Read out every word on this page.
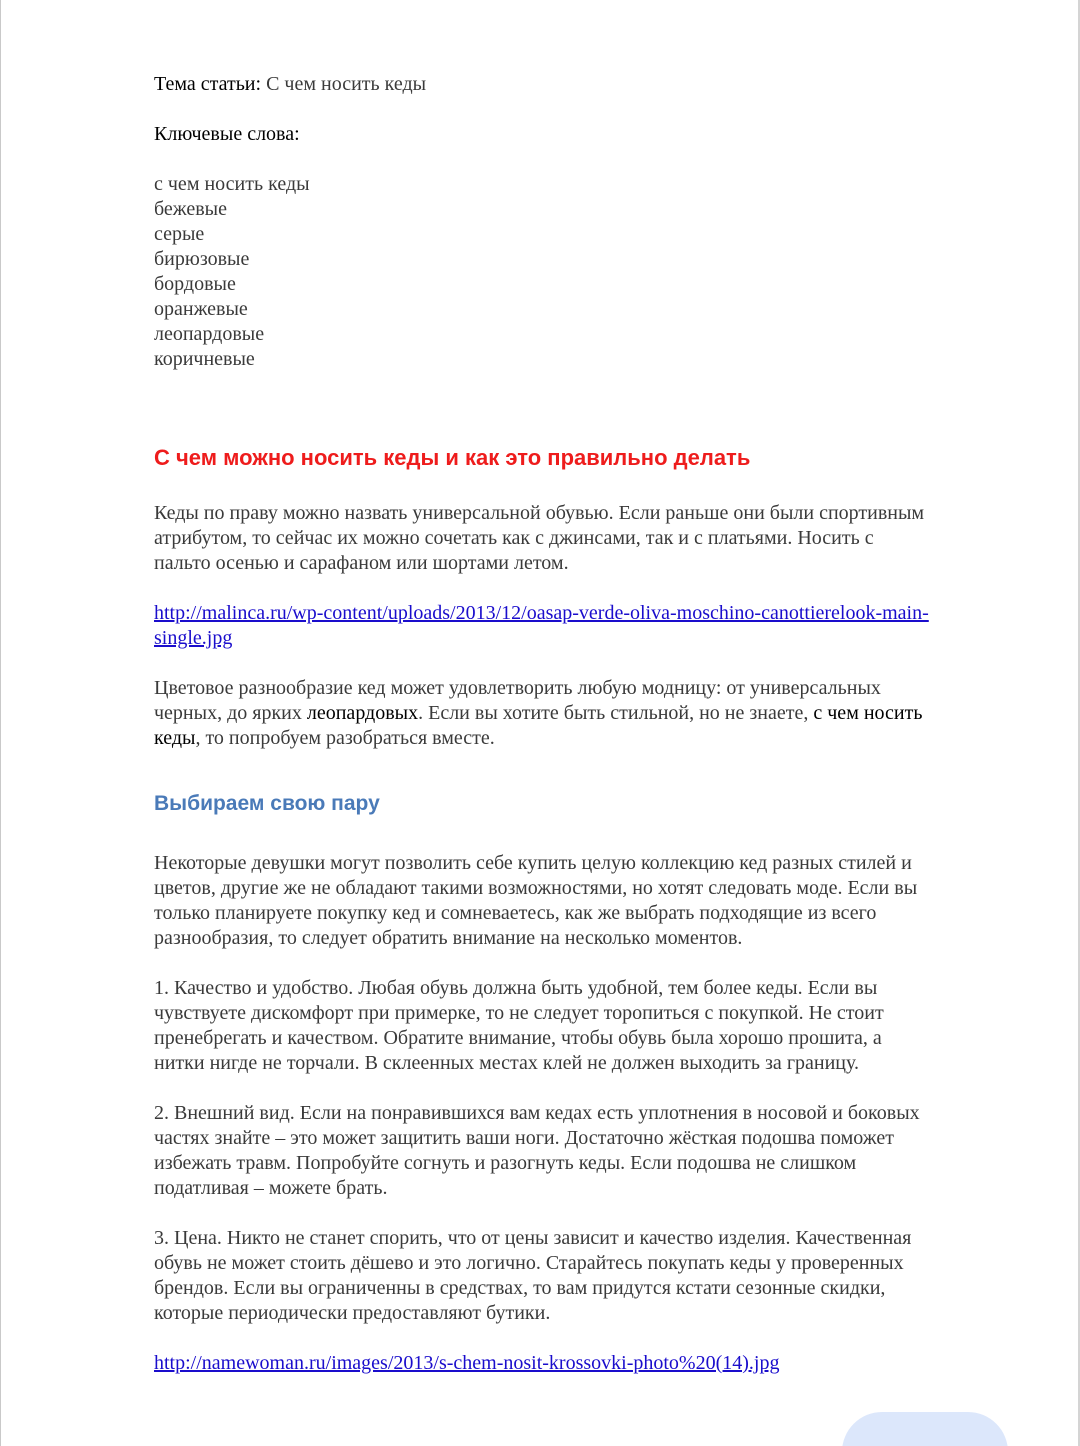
Тема статьи: С чем носить кеды

Ключевые слова:

с чем носить кеды
бежевые
серые
бирюзовые
бордовые
оранжевые
леопардовые
коричневые
С чем можно носить кеды и как это правильно делать
Кеды по праву можно назвать универсальной обувью. Если раньше они были спортивным
атрибутом, то сейчас их можно сочетать как с джинсами, так и с платьями. Носить с
пальто осенью и сарафаном или шортами летом.
http://malinca.ru/wp-content/uploads/2013/12/oasap-verde-oliva-moschino-canottierelook-main-
single.jpg
Цветовое разнообразие кед может удовлетворить любую модницу: от универсальных
черных, до ярких леопардовых. Если вы хотите быть стильной, но не знаете, с чем носить
кеды, то попробуем разобраться вместе.
Выбираем свою пару
Некоторые девушки могут позволить себе купить целую коллекцию кед разных стилей и
цветов, другие же не обладают такими возможностями, но хотят следовать моде. Если вы
только планируете покупку кед и сомневаетесь, как же выбрать подходящие из всего
разнообразия, то следует обратить внимание на несколько моментов.
1. Качество и удобство. Любая обувь должна быть удобной, тем более кеды. Если вы
чувствуете дискомфорт при примерке, то не следует торопиться с покупкой. Не стоит
пренебрегать и качеством. Обратите внимание, чтобы обувь была хорошо прошита, а
нитки нигде не торчали. В склеенных местах клей не должен выходить за границу.
2. Внешний вид. Если на понравившихся вам кедах есть уплотнения в носовой и боковых
частях знайте – это может защитить ваши ноги. Достаточно жёсткая подошва поможет
избежать травм. Попробуйте согнуть и разогнуть кеды. Если подошва не слишком
податливая – можете брать.
3. Цена. Никто не станет спорить, что от цены зависит и качество изделия. Качественная
обувь не может стоить дёшево и это логично. Старайтесь покупать кеды у проверенных
брендов. Если вы ограниченны в средствах, то вам придутся кстати сезонные скидки,
которые периодически предоставляют бутики.
http://namewoman.ru/images/2013/s-chem-nosit-krossovki-photo%20(14).jpg
